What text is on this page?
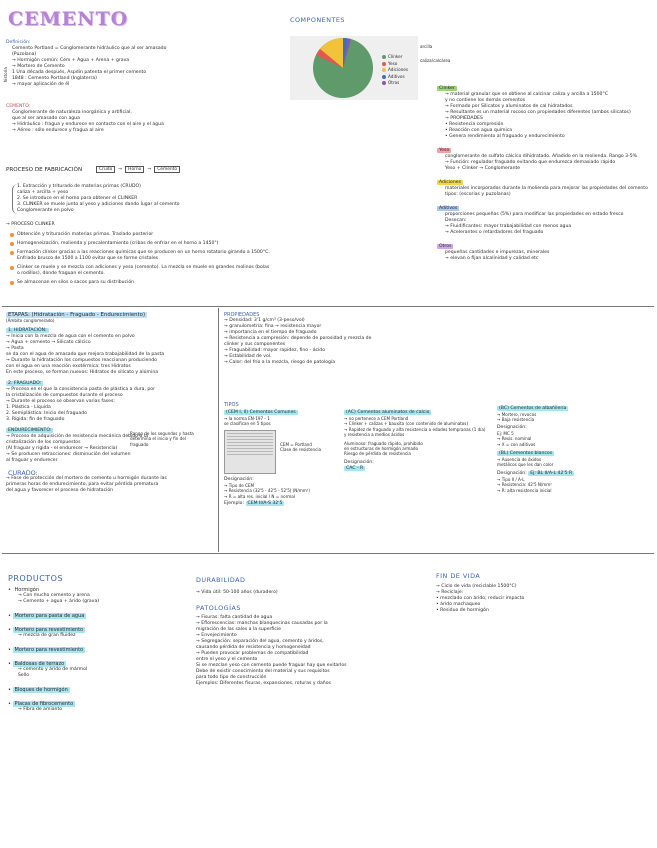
CEMENTO
Definición:
Cemento Portland = Conglomerante hidráulico que al ser amasado
(Puzolana)
→ Hormigón común: Cem + Agua + Arena + grava
→ Mortero de Cemento
1 Una década después, Aspdin patenta el primer cemento
1848 : Cemento Portland (Inglaterra)
→ mayor aplicación de él
historia
CEMENTO:
Conglomerante de naturaleza inorgánica y artificial,
que al ser amasado con agua
→ Hidráulico : fragua y endurece en contacto con el aire y el agua
→ Aéreo : sólo endurece y fragua al aire
PROCESO DE FABRICACIÓN	Crudo	→	Horno	→	Cemento
1. Extracción y triturado de materias primas (CRUDO)
caliza + arcilla + yeso
2. Se introduce en el horno para obtener el CLINKER
3. CLINKER se muele junto al yeso y adiciones dando lugar al cemento
Conglomerante en polvo
→ PROCESO CLINKER
Obtención y trituración materias primas. Traslado posterior
Homogeneización, molienda y precalentamiento (cribas de enfriar en el horno a 1450°)
Formación clínker gracias a las reacciones químicas que se producen en un horno rotatorio girando a 1500°C. Enfriado brusco de 1500 a 1100 evitar que se forme cristales
Clinker se muele y se mezcla con adiciones y yeso (cemento). La mezcla se muele en grandes molinos (bolas o rodillos), donde fraguan el cemento.
Se almacenan en silos o sacos para su distribución
COMPONENTES
Clínker
Yeso
Adiciones
Aditivos
Otros
arcilla
caliza/calcárea
Clínker
→ material granular que se obtiene al calcinar caliza y arcilla a 1500°C
y no contiene los demás cementos
→ Formado por Silicatos y aluminatos de cal hidratados
→ Resultante es un material rocoso con propiedades diferentes (ambos silicatos)
→ PROPIEDADES
• Resistencia compresión
• Reacción con agua química
• Genera rendimiento al fraguado y endurecimiento
Yeso
conglomerante de sulfato cálcico dihidratado. Añadido en la molienda. Rango 3-5%
→ Función: regulador fraguado evitando que endurezca demasiado rápido
Yeso + Clínker → Conglomerante
Adiciones
materiales incorporados durante la molienda para mejorar las propiedades del cemento
tipos: (escorias y puzolanas)
Aditivos
proporciones pequeñas (5%) para modificar las propiedades en estado fresco
Desecan:
→ Fluidificantes: mayor trabajabilidad con menos agua
→ Acelerantes o retardadores del fraguado
Otros
pequeñas cantidades e impurezas, minerales
→ elevan o fijan alcalinidad y calidad etc
ETAPAS: (Hidratación - Fraguado - Endurecimiento)
(Ámbito conglomerado)
1. HIDRATACIÓN:
→ Inicia con la mezcla de agua con el cemento en polvo
→ Agua + cemento → Silicato cálcico
→ Pasta
se da con el agua de amasado que mejora trabajabilidad de la pasta
→ Durante la hidratación los compuestos reaccionan produciendo
con el agua en una reacción exotérmica: tres Hidratos
En este proceso, se forman nuevos: Hidratos de silicato y alúmina
2. FRAGUADO:
→ Proceso en el que la consistencia pasta de plástica a dura, por
la cristalización de compuestos durante el proceso
→ Durante el proceso se observan varias fases:
1. Plástica - Líquida
2. Semiplástica: Inicio del fraguado
3. Rígida: fin de fraguado
ENDURECIMIENTO:
→ Proceso de adquisición de resistencia mecánica debido a la
cristalización de los compuestos
(Al fraguar y rígida - el endurecer → Resistencia)
→ Se producen retracciones: disminución del volumen
al fraguar y endurecer
CURADO:
→ Fase de protección del mortero de cemento u hormigón durante las
primeras horas de endurecimiento, para evitar pérdida prematura
del agua y favorecer el proceso de hidratación
Rango de los segundos y hasta
determina el inicio y fin del
fraguado
PROPIEDADES
→ Densidad: 3'1 g/cm³ (3-peso/vol)
→ granulometría: fina → resistencia mayor
→ importancia en el tiempo de fraguado
→ Resistencia a compresión: depende de porosidad y mezcla de
clinker y sus componentes
→ Fraguabilidad: mayor rapidez, fino - ácido
→ Estabilidad de vol.
→ Calor: del frío a la mezcla, riesgo de patología
TIPOS
(CEM I, II) Cementos Comunes
→ la norma EN-197 - 1
se clasifican en 5 tipos
CEM = Portland
Clase de resistencia
Designación:
→ Tipo de CEM
→ Resistencia (32'5 - 42'5 - 52'5) (N/mm²)
→ R = alta res. inicial / N = normal
Ejemplo: CEM II/A-S 32'5
(AC) Cementos aluminatos de calcio
→ no pertenece a CEM Portland
→ Clinker + calizas + bauxita (con contenido de aluminatos)
→ Rapidez de fraguado y alta resistencia a edades tempranas (1 día)
y resistencia a medios ácidos
Aluminoso: fraguado rápido, prohibido
en estructuras de hormigón armado
Riesgo de pérdida de resistencia
Designación:
CAC - R
(BC) Cementos de albañilería
→ Mortero, revocos
→ Baja resistencia
Designación:
Ej: MC 5
→ Resis. nominal
→ X = con aditivos
(BL) Cementos blancos
→ Ausencia de óxidos
metálicos que les dan color
Designación: Ej: BL II/A-L 42'5 R
→ Tipo II / A-L
→ Resistencia: 42'5 N/mm²
→ R: alta resistencia inicial
PRODUCTOS
• Hormigón
→ Con mucho cemento y arena
→ Cemento + agua + árido (grava)
• Mortero para pasta de agua
• Mortero para revestimiento
→ mezcla de gran fluidez
• Mortero para revestimiento
• Baldosas de terrazo
→ cemento y árido de mármol
Sello
• Bloques de hormigón
• Placas de fibrocemento
→ Fibra de amianto
DURABILIDAD
→ Vida útil: 50-100 años (duradero)
PATOLOGÍAS
→ Fisuras: falta cantidad de agua
→ Eflorescencias: manchas blanquecinas causadas por la
migración de las sales a la superficie
→ Envejecimiento
→ Segregación: separación del agua, cemento y áridos,
causando pérdida de resistencia y homogeneidad
→ Pueden provocar problemas de compatibilidad
entre el yeso y el cemento
Si se mezclan yeso con cemento puede fraguar hay que evitarlos
Debe de existir conocimiento del material y sus requisitos
para todo tipo de construcción
Ejemplos: Diferentes fisuras, expansiones, roturas y daños
FIN DE VIDA
→ Ciclo de vida (reciclable 1500°C)
→ Reciclaje:
• mezclado con árido; reducir impacto
• árido machaqueo
• Residuo de hormigón
